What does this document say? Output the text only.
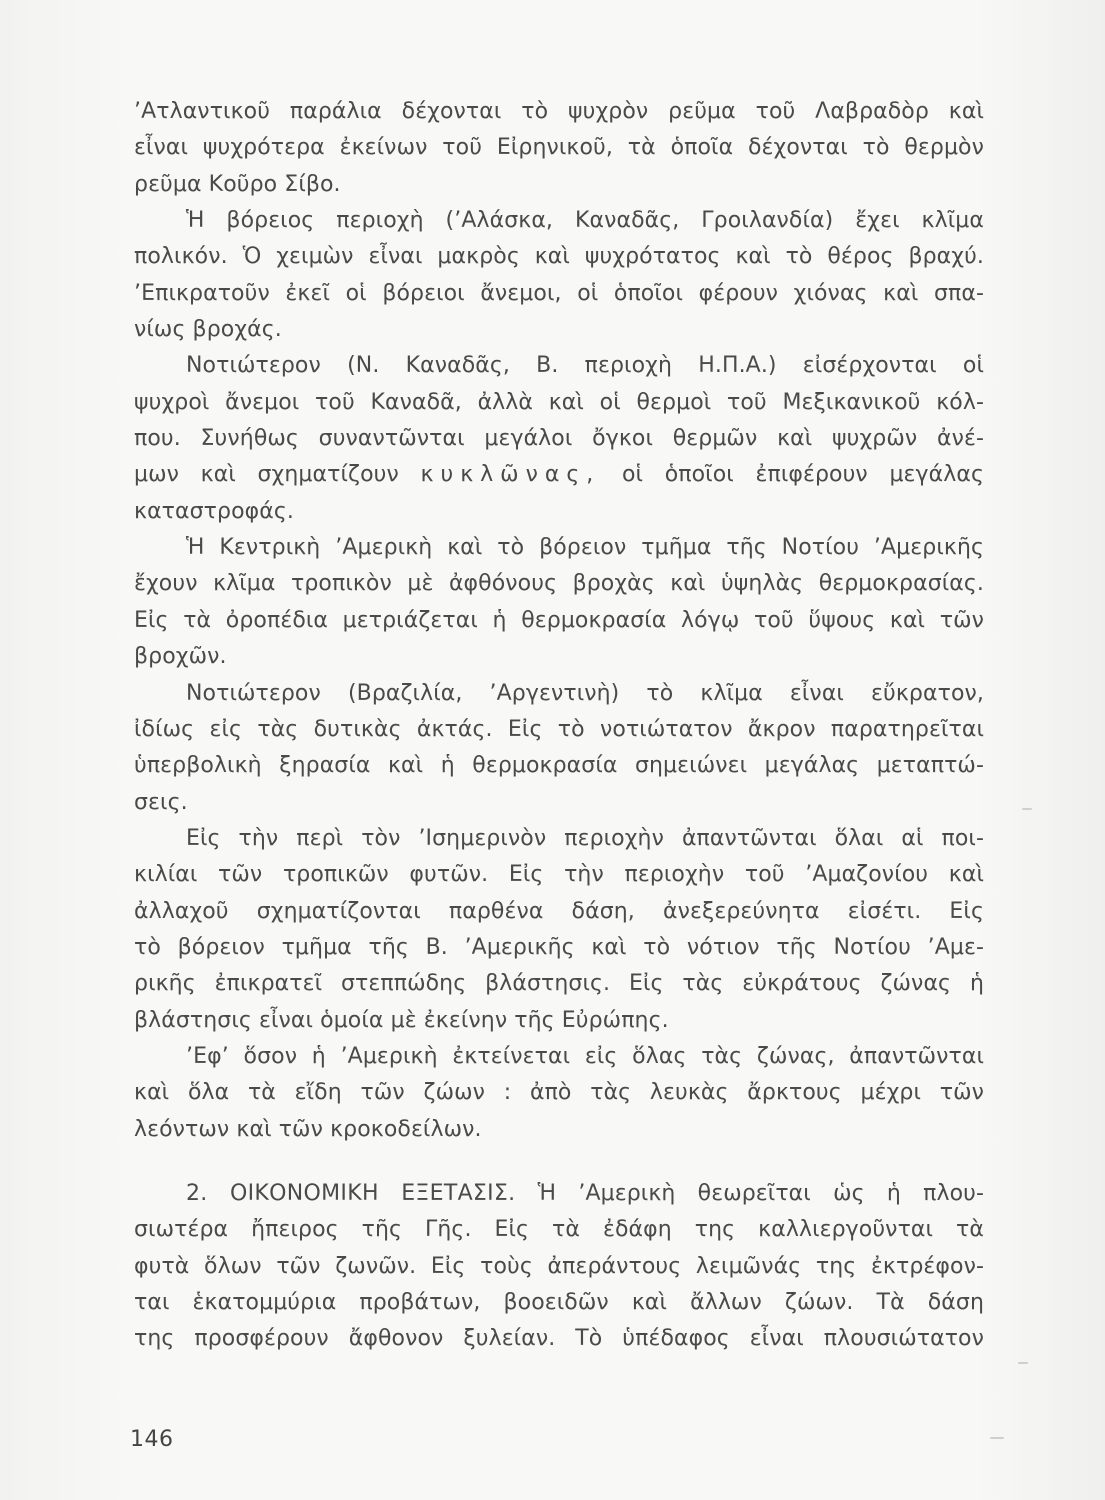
’Ατλαντικοῦ παράλια δέχονται τὸ ψυχρὸν ρεῦμα τοῦ Λαβραδὸρ καὶ
εἶναι ψυχρότερα ἐκείνων τοῦ Εἰρηνικοῦ, τὰ ὁποῖα δέχονται τὸ θερμὸν
ρεῦμα Κοῦρο Σίβο.
Ἡ βόρειος περιοχὴ (’Αλάσκα, Καναδᾶς, Γροιλανδία) ἔχει κλῖμα
πολικόν. Ὁ χειμὼν εἶναι μακρὸς καὶ ψυχρότατος καὶ τὸ θέρος βραχύ.
’Επικρατοῦν ἐκεῖ οἱ βόρειοι ἄνεμοι, οἱ ὁποῖοι φέρουν χιόνας καὶ σπα-
νίως βροχάς.
Νοτιώτερον (Ν. Καναδᾶς, Β. περιοχὴ Η.Π.Α.) εἰσέρχονται οἱ
ψυχροὶ ἄνεμοι τοῦ Καναδᾶ, ἀλλὰ καὶ οἱ θερμοὶ τοῦ Μεξικανικοῦ κόλ-
που. Συνήθως συναντῶνται μεγάλοι ὄγκοι θερμῶν καὶ ψυχρῶν ἀνέ-
μων καὶ σχηματίζουν κυκλῶνας, οἱ ὁποῖοι ἐπιφέρουν μεγάλας
καταστροφάς.
Ἡ Κεντρικὴ ’Αμερικὴ καὶ τὸ βόρειον τμῆμα τῆς Νοτίου ’Αμερικῆς
ἔχουν κλῖμα τροπικὸν μὲ ἀφθόνους βροχὰς καὶ ὑψηλὰς θερμοκρασίας.
Εἰς τὰ ὀροπέδια μετριάζεται ἡ θερμοκρασία λόγῳ τοῦ ὕψους καὶ τῶν
βροχῶν.
Νοτιώτερον (Βραζιλία, ’Αργεντινὴ) τὸ κλῖμα εἶναι εὔκρατον,
ἰδίως εἰς τὰς δυτικὰς ἀκτάς. Εἰς τὸ νοτιώτατον ἄκρον παρατηρεῖται
ὑπερβολικὴ ξηρασία καὶ ἡ θερμοκρασία σημειώνει μεγάλας μεταπτώ-
σεις.
Εἰς τὴν περὶ τὸν ’Ισημερινὸν περιοχὴν ἀπαντῶνται ὅλαι αἱ ποι-
κιλίαι τῶν τροπικῶν φυτῶν. Εἰς τὴν περιοχὴν τοῦ ’Αμαζονίου καὶ
ἀλλαχοῦ σχηματίζονται παρθένα δάση, ἀνεξερεύνητα εἰσέτι. Εἰς
τὸ βόρειον τμῆμα τῆς Β. ’Αμερικῆς καὶ τὸ νότιον τῆς Νοτίου ’Αμε-
ρικῆς ἐπικρατεῖ στεππώδης βλάστησις. Εἰς τὰς εὐκράτους ζώνας ἡ
βλάστησις εἶναι ὁμοία μὲ ἐκείνην τῆς Εὐρώπης.
’Εφ’ ὅσον ἡ ’Αμερικὴ ἐκτείνεται εἰς ὅλας τὰς ζώνας, ἀπαντῶνται
καὶ ὅλα τὰ εἴδη τῶν ζώων : ἀπὸ τὰς λευκὰς ἄρκτους μέχρι τῶν
λεόντων καὶ τῶν κροκοδείλων.
2. ΟΙΚΟΝΟΜΙΚΗ ΕΞΕΤΑΣΙΣ. Ἡ ’Αμερικὴ θεωρεῖται ὡς ἡ πλου-
σιωτέρα ἤπειρος τῆς Γῆς. Εἰς τὰ ἐδάφη της καλλιεργοῦνται τὰ
φυτὰ ὅλων τῶν ζωνῶν. Εἰς τοὺς ἀπεράντους λειμῶνάς της ἐκτρέφον-
ται ἑκατομμύρια προβάτων, βοοειδῶν καὶ ἄλλων ζώων. Τὰ δάση
της προσφέρουν ἄφθονον ξυλείαν. Τὸ ὑπέδαφος εἶναι πλουσιώτατον
146
